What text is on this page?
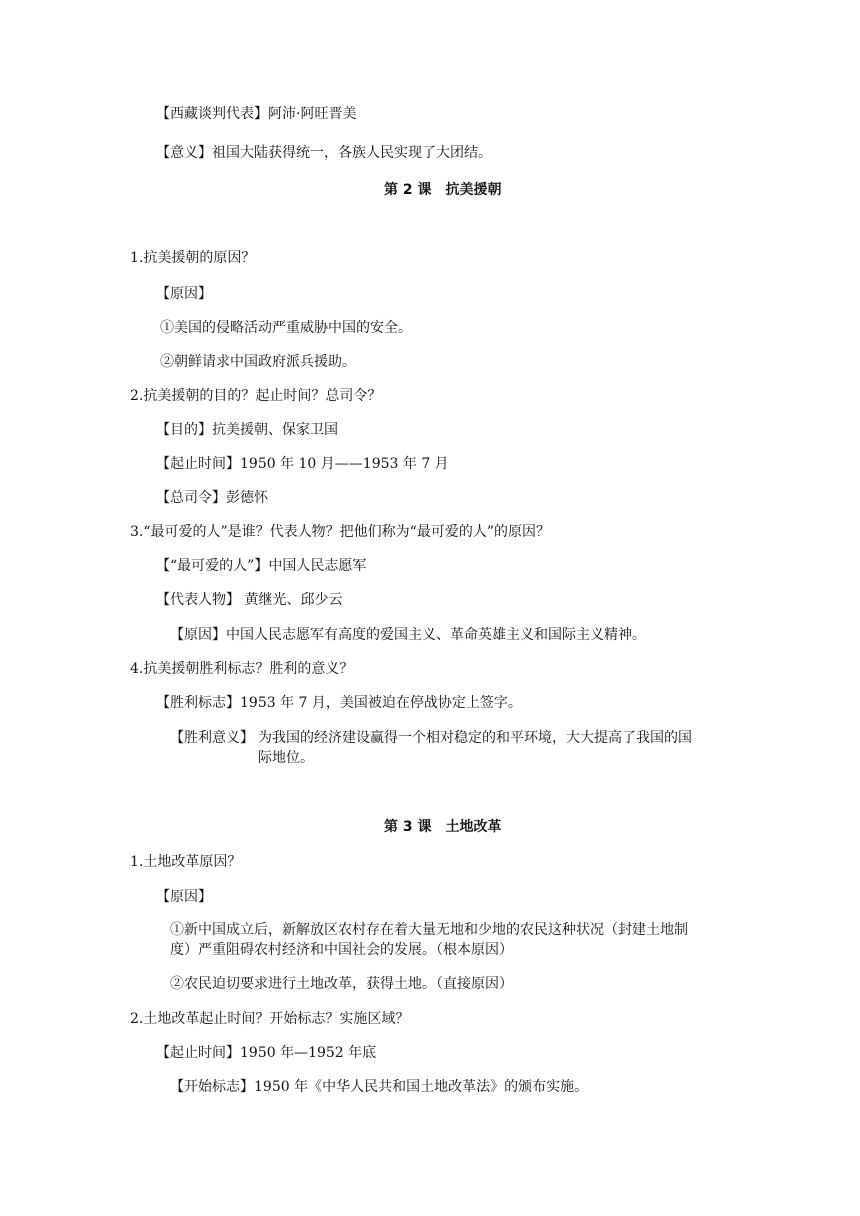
【西藏谈判代表】阿沛·阿旺晋美
【意义】祖国大陆获得统一，各族人民实现了大团结。
第 2 课　抗美援朝
1.抗美援朝的原因？
【原因】
①美国的侵略活动严重威胁中国的安全。
②朝鲜请求中国政府派兵援助。
2.抗美援朝的目的？起止时间？总司令？
【目的】抗美援朝、保家卫国
【起止时间】1950 年 10 月——1953 年 7 月
【总司令】彭德怀
3.“最可爱的人”是谁？代表人物？把他们称为“最可爱的人”的原因？
【“最可爱的人”】中国人民志愿军
【代表人物】 黄继光、邱少云
【原因】中国人民志愿军有高度的爱国主义、革命英雄主义和国际主义精神。
4.抗美援朝胜利标志？胜利的意义？
【胜利标志】1953 年 7 月，美国被迫在停战协定上签字。
【胜利意义】 为我国的经济建设赢得一个相对稳定的和平环境，大大提高了我国的国
际地位。
第 3 课　土地改革
1.土地改革原因？
【原因】
①新中国成立后，新解放区农村存在着大量无地和少地的农民这种状况（封建土地制
度）严重阻碍农村经济和中国社会的发展。（根本原因）
②农民迫切要求进行土地改革，获得土地。（直接原因）
2.土地改革起止时间？开始标志？实施区域？
【起止时间】1950 年—1952 年底
【开始标志】1950 年《中华人民共和国土地改革法》的颁布实施。
